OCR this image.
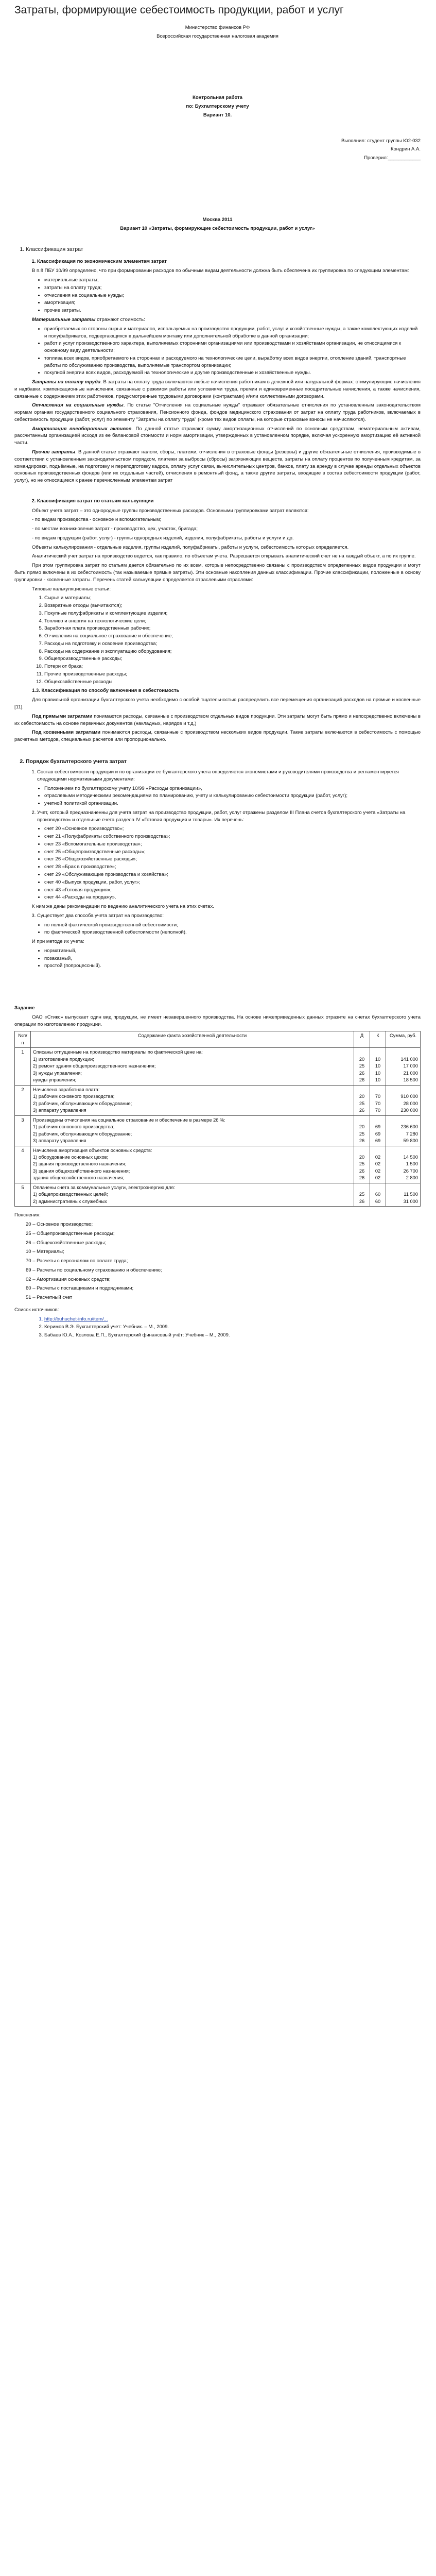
Затраты, формирующие себестоимость продукции, работ и услуг

Министерство финансов РФ

Всероссийская государственная налоговая академия

Контрольная работа

по: Бухгалтерскому учету

Вариант 10.

Выполнил: студент группы Ю2-032

Кондрин А.А.

Проверил:____________

Москва 2011

Вариант 10 «Затраты, формирующие себестоимость продукции, работ и услуг»

1. Классификация затрат
1. Классификация по экономическим элементам затрат

В п.8 ПБУ 10/99 определено, что при формировании расходов по обычным видам деятельности должна быть обеспечена их группировка по следующим элементам:

• материальные затраты;
• затраты на оплату труда;
• отчисления на социальные нужды;
• амортизация;
• прочие затраты.

Материальные затраты отражают стоимость:

• приобретаемых со стороны сырья и материалов, используемых на производство продукции, работ, услуг и хозяйственные нужды, а также комплектующих изделий и полуфабрикатов, подвергающихся в дальнейшем монтажу или дополнительной обработке в данной организации;
• работ и услуг производственного характера, выполняемых сторонними организациями или производствами и хозяйствами организации, не относящимися к основному виду деятельности;
• топлива всех видов, приобретаемого на стороннах и расходуемого на технологические цели, выработку всех видов энергии, отопление зданий, транспортные работы по обслуживанию производства, выполняемые транспортом организации;
• покупной энергии всех видов, расходуемой на технологические и другие производственные и хозяйственные нужды.

Затраты на оплату труда. В затраты на оплату труда включаются любые начисления работникам в денежной или натуральной формах: стимулирующие начисления и надбавки, компенсационные начисления, связанные с режимом работы или условиями труда, премии и единовременные поощрительные начисления, а также начисления, связанные с содержанием этих работников, предусмотренные трудовыми договорами (контрактами) и/или коллективными договорами.

Отчисления на социальные нужды. По статье "Отчисления на социальные нужды" отражают обязательные отчисления по установленным законодательством нормам органам государственного социального страхования, Пенсионного фонда, фондов медицинского страхования от затрат на оплату труда работников, включаемых в себестоимость продукции (работ, услуг) по элементу "Затраты на оплату труда" (кроме тех видов оплаты, на которые страховые взносы не начисляются).

Амортизация внеоборотных активов. По данной статье отражают сумму амортизационных отчислений по основным средствам, нематериальным активам, рассчитанным организацией исходя из ее балансовой стоимости и норм амортизации, утвержденных в установленном порядке, включая ускоренную амортизацию её активной части.

Прочие затраты. В данной статье отражают налоги, сборы, платежи, отчисления в страховые фонды (резервы) и другие обязательные отчисления, производимые в соответствии с установленным законодательством порядком, платежи за выбросы (сбросы) загрязняющих веществ, затраты на оплату процентов по полученным кредитам, за командировки, подъёмные, на подготовку и переподготовку кадров, оплату услуг связи, вычислительных центров, банков, плату за аренду в случае аренды отдельных объектов основных производственных фондов (или их отдельных частей), отчисления в ремонтный фонд, а также другие затраты, входящие в состав себестоимости продукции (работ, услуг), но не относящиеся к ранее перечисленным элементам затрат

2. Классификация затрат по статьям калькуляции

Объект учета затрат – это однородные группы производственных расходов. Основными группировками затрат являются:

- по видам производства - основное и вспомогательным;

- по местам возникновения затрат - производство, цех, участок, бригада;

- по видам продукции (работ, услуг) - группы однородных изделий, изделия, полуфабрикаты, работы и услуги и др.

Объекты калькулирования - отдельные изделия, группы изделий, полуфабрикаты, работы и услуги, себестоимость которых определяется.

Аналитический учет затрат на производство ведется, как правило, по объектам учета. Разрешается открывать аналитический счет не на каждый объект, а по их группе.

При этом группировка затрат по статьям дается обязательно по их всем, которые непосредственно связаны с производством определенных видов продукции и могут быть прямо включены в их себестоимость (так называемые прямые затраты). Эти основные накопления данных классификации. Прочие классификации, положенные в основу группировки - косвенные затраты. Перечень статей калькуляции определяется отраслевыми отраслями:

Типовые калькуляционные статьи:

1. Сырье и материалы;
2. Возвратные отходы (вычитаются);
3. Покупные полуфабрикаты и комплектующие изделия;
4. Топливо и энергия на технологические цели;
5. Заработная плата производственных рабочих;
6. Отчисления на социальное страхование и обеспечение;
7. Расходы на подготовку и освоение производства;
8. Расходы на содержание и эксплуатацию оборудования;
9. Общепроизводственные расходы;
10. Потери от брака;
11. Прочие производственные расходы;
12. Общехозяйственные расходы

1.3. Классификация по способу включения в себестоимость

Для правильной организации бухгалтерского учета необходимо с особой тщательностью распределить все перемещения организаций расходов на прямые и косвенные [11].

Под прямыми затратами понимаются расходы, связанные с производством отдельных видов продукции. Эти затраты могут быть прямо и непосредственно включены в их себестоимость на основе первичных документов (накладных, нарядов и т.д.)

Под косвенными затратами понимаются расходы, связанные с производством нескольких видов продукции. Такие затраты включаются в себестоимость с помощью расчетных методов, специальных расчетов или пропорционально.

2. Порядок бухгалтерского учета затрат
1. Состав себестоимости продукции и по организации ее бухгалтерского учета определяется экономистами и руководителями производства и регламентируется следующими нормативными документами:
• Положением по бухгалтерскому учету 10/99 «Расходы организации»,
• отраслевыми методическими рекомендациями по планированию, учету и калькулированию себестоимости продукции (работ, услуг);
• учетной политикой организации.
2. Учет, который предназначенны для учета затрат на производство продукции, работ, услуг отражены разделом III Плана счетов бухгалтерского учета «Затраты на производство» и отдельные счета раздела IV «Готовая продукция и товары». Их перечень:
• счет 20 «Основное производство»;
• счет 21 «Полуфабрикаты собственного производства»;
• счет 23 «Вспомогательные производства»;
• счет 25 «Общепроизводственные расходы»;
• счет 26 «Общехозяйственные расходы»;
• счет 28 «Брак в производстве»;
• счет 29 «Обслуживающие производства и хозяйства»;
• счет 40 «Выпуск продукции, работ, услуг»;
• счет 43 «Готовая продукция»;
• счет 44 «Расходы на продажу».

К ним же даны рекомендации по ведению аналитического учета на этих счетах.

3. Существует два способа учета затрат на производство:
• по полной фактической производственной себестоимости;
• по фактической производственной себестоимости (неполной).

И при методе их учета:

• нормативный,
• позаказный,
• простой (попроцессный).

Задание

ОАО «Стикс» выпускает один вид продукции, не имеет незавершенного производства. На основе нижеприведенных данных отразите на счетах бухгалтерского учета операции по изготовлению продукции.

№п/п	Содержание факта хозяйственной деятельности	Д	К	Сумма, руб.

1	Списаны отпущенные на производство материалы по фактической цене на:
1) изготовление продукции;
2) ремонт здания общепроизводственного назначения;
3) нужды управления;
нужды управления;	20
25
26
26	10
10
10
10	141 000
17 000
21 000
18 500

2	Начислена заработная плата:
1) рабочим основного производства;
2) рабочим, обслуживающим оборудование;
3) аппарату управления	20
25
26	70
70
70	910 000
28 000
230 000

3	Произведены отчисления на социальное страхование и обеспечение в размере 26 %:
1) рабочим основного производства;
2) рабочим, обслуживающим оборудование;
3) аппарату управления	20
25
26	69
69
69	236 600
7 280
59 800

4	Начислена амортизация объектов основных средств:
1) оборудование основных цехов;
2) здания производственного назначения;
3) здания общехозяйственного назначения;
здания общехозяйственного назначения;	20
25
26
26	02
02
02
02	14 500
1 500
26 700
2 800

5	Оплачены счета за коммунальные услуги, электроэнергию для:
1) общепроизводственных целей;
2) административных служебных	25
26	60
60	11 500
31 000

Пояснения:

20 – Основное производство;

25 – Общепроизводственные расходы;

26 – Общехозяйственные расходы;

10 – Материалы;

70 – Расчеты с персоналом по оплате труда;

69 – Расчеты по социальному страхованию и обеспечению;

02 – Амортизация основных средств;

60 – Расчеты с поставщиками и подрядчиками;

51 – Расчетный счет

Список источников:

1. http://buhuchet-info.ru/item/...
2. Керимов В.Э. Бухгалтерский учет: Учебник. – М., 2009.
3. Бабаев Ю.А., Козлова Е.П., Бухгалтерский финансовый учёт: Учебник – М., 2009.
